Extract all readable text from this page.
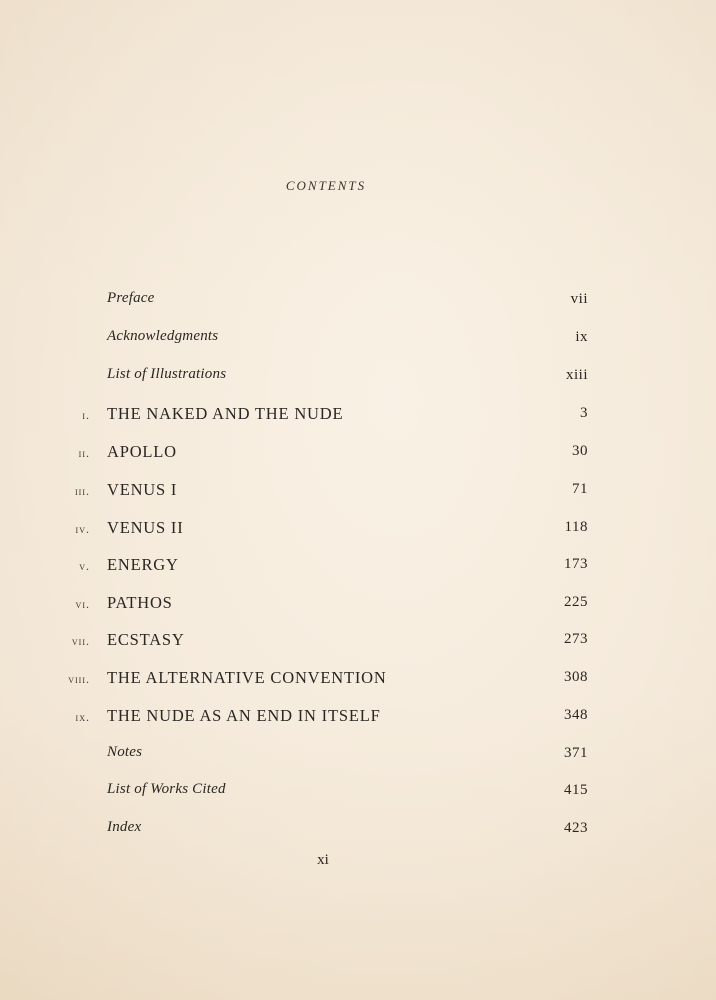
CONTENTS
Preface	vii
Acknowledgments	ix
List of Illustrations	xiii
i. THE NAKED AND THE NUDE	3
ii. APOLLO	30
iii. VENUS I	71
iv. VENUS II	118
v. ENERGY	173
vi. PATHOS	225
vii. ECSTASY	273
viii. THE ALTERNATIVE CONVENTION	308
ix. THE NUDE AS AN END IN ITSELF	348
Notes	371
List of Works Cited	415
Index	423
xi
